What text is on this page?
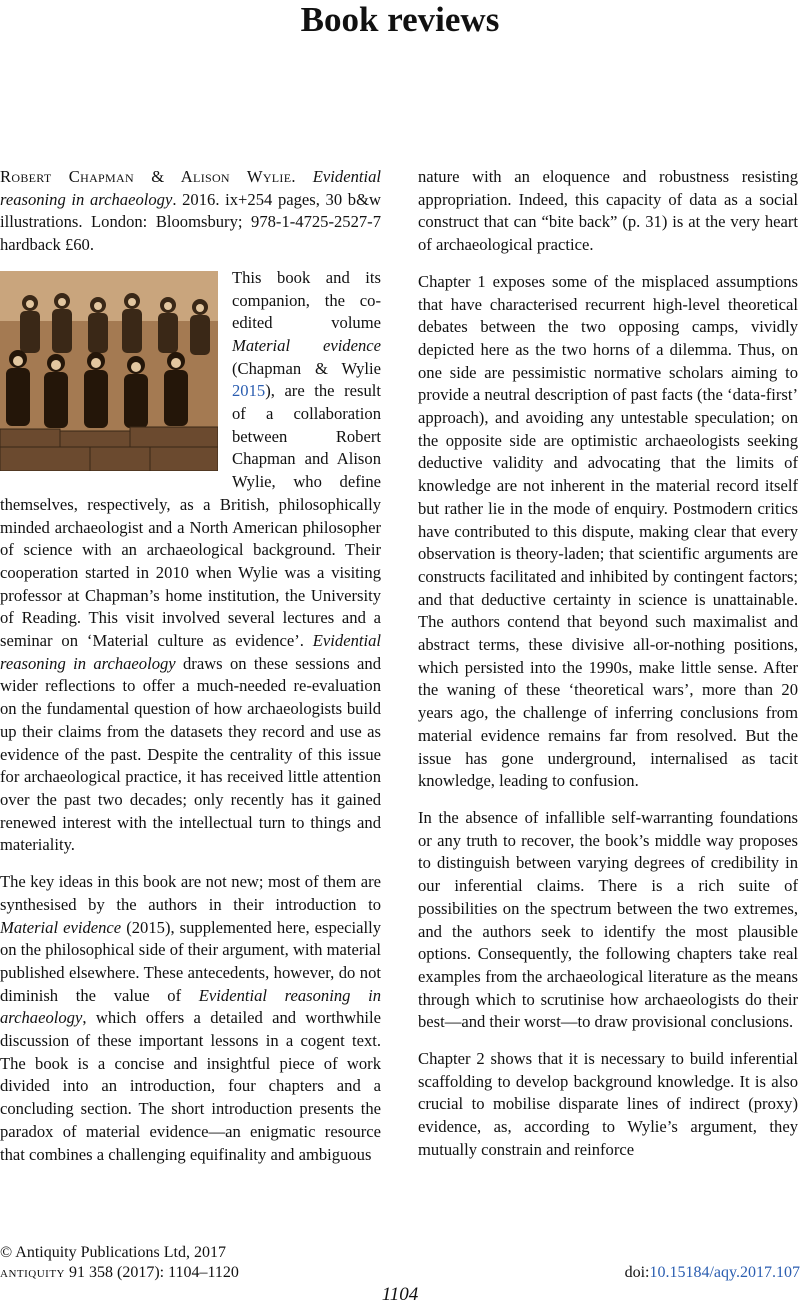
Book reviews

Robert Chapman & Alison Wylie. Evidential reasoning in archaeology. 2016. ix+254 pages, 30 b&w illustrations. London: Bloomsbury; 978-1-4725-2527-7 hardback £60.

This book and its companion, the co-edited volume Material evidence (Chapman & Wylie 2015), are the result of a collaboration between Robert Chapman and Alison Wylie, who define themselves, respectively, as a British, philosophically minded archaeologist and a North American philosopher of science with an archaeological background. Their cooperation started in 2010 when Wylie was a visiting professor at Chapman’s home institution, the University of Reading. This visit involved several lectures and a seminar on ‘Material culture as evidence’. Evidential reasoning in archaeology draws on these sessions and wider reflections to offer a much-needed re-evaluation on the fundamental question of how archaeologists build up their claims from the datasets they record and use as evidence of the past. Despite the centrality of this issue for archaeological practice, it has received little attention over the past two decades; only recently has it gained renewed interest with the intellectual turn to things and materiality.

The key ideas in this book are not new; most of them are synthesised by the authors in their introduction to Material evidence (2015), supplemented here, especially on the philosophical side of their argument, with material published elsewhere. These antecedents, however, do not diminish the value of Evidential reasoning in archaeology, which offers a detailed and worthwhile discussion of these important lessons in a cogent text. The book is a concise and insightful piece of work divided into an introduction, four chapters and a concluding section. The short introduction presents the paradox of material evidence—an enigmatic resource that combines a challenging equifinality and ambiguous

nature with an eloquence and robustness resisting appropriation. Indeed, this capacity of data as a social construct that can “bite back” (p. 31) is at the very heart of archaeological practice.

Chapter 1 exposes some of the misplaced assumptions that have characterised recurrent high-level theoretical debates between the two opposing camps, vividly depicted here as the two horns of a dilemma. Thus, on one side are pessimistic normative scholars aiming to provide a neutral description of past facts (the ‘data-first’ approach), and avoiding any untestable speculation; on the opposite side are optimistic archaeologists seeking deductive validity and advocating that the limits of knowledge are not inherent in the material record itself but rather lie in the mode of enquiry. Postmodern critics have contributed to this dispute, making clear that every observation is theory-laden; that scientific arguments are constructs facilitated and inhibited by contingent factors; and that deductive certainty in science is unattainable. The authors contend that beyond such maximalist and abstract terms, these divisive all-or-nothing positions, which persisted into the 1990s, make little sense. After the waning of these ‘theoretical wars’, more than 20 years ago, the challenge of inferring conclusions from material evidence remains far from resolved. But the issue has gone underground, internalised as tacit knowledge, leading to confusion.

In the absence of infallible self-warranting foundations or any truth to recover, the book’s middle way proposes to distinguish between varying degrees of credibility in our inferential claims. There is a rich suite of possibilities on the spectrum between the two extremes, and the authors seek to identify the most plausible options. Consequently, the following chapters take real examples from the archaeological literature as the means through which to scrutinise how archaeologists do their best—and their worst—to draw provisional conclusions.

Chapter 2 shows that it is necessary to build inferential scaffolding to develop background knowledge. It is also crucial to mobilise disparate lines of indirect (proxy) evidence, as, according to Wylie’s argument, they mutually constrain and reinforce

© Antiquity Publications Ltd, 2017
antiquity 91 358 (2017): 1104–1120	doi:10.15184/aqy.2017.107
1104
